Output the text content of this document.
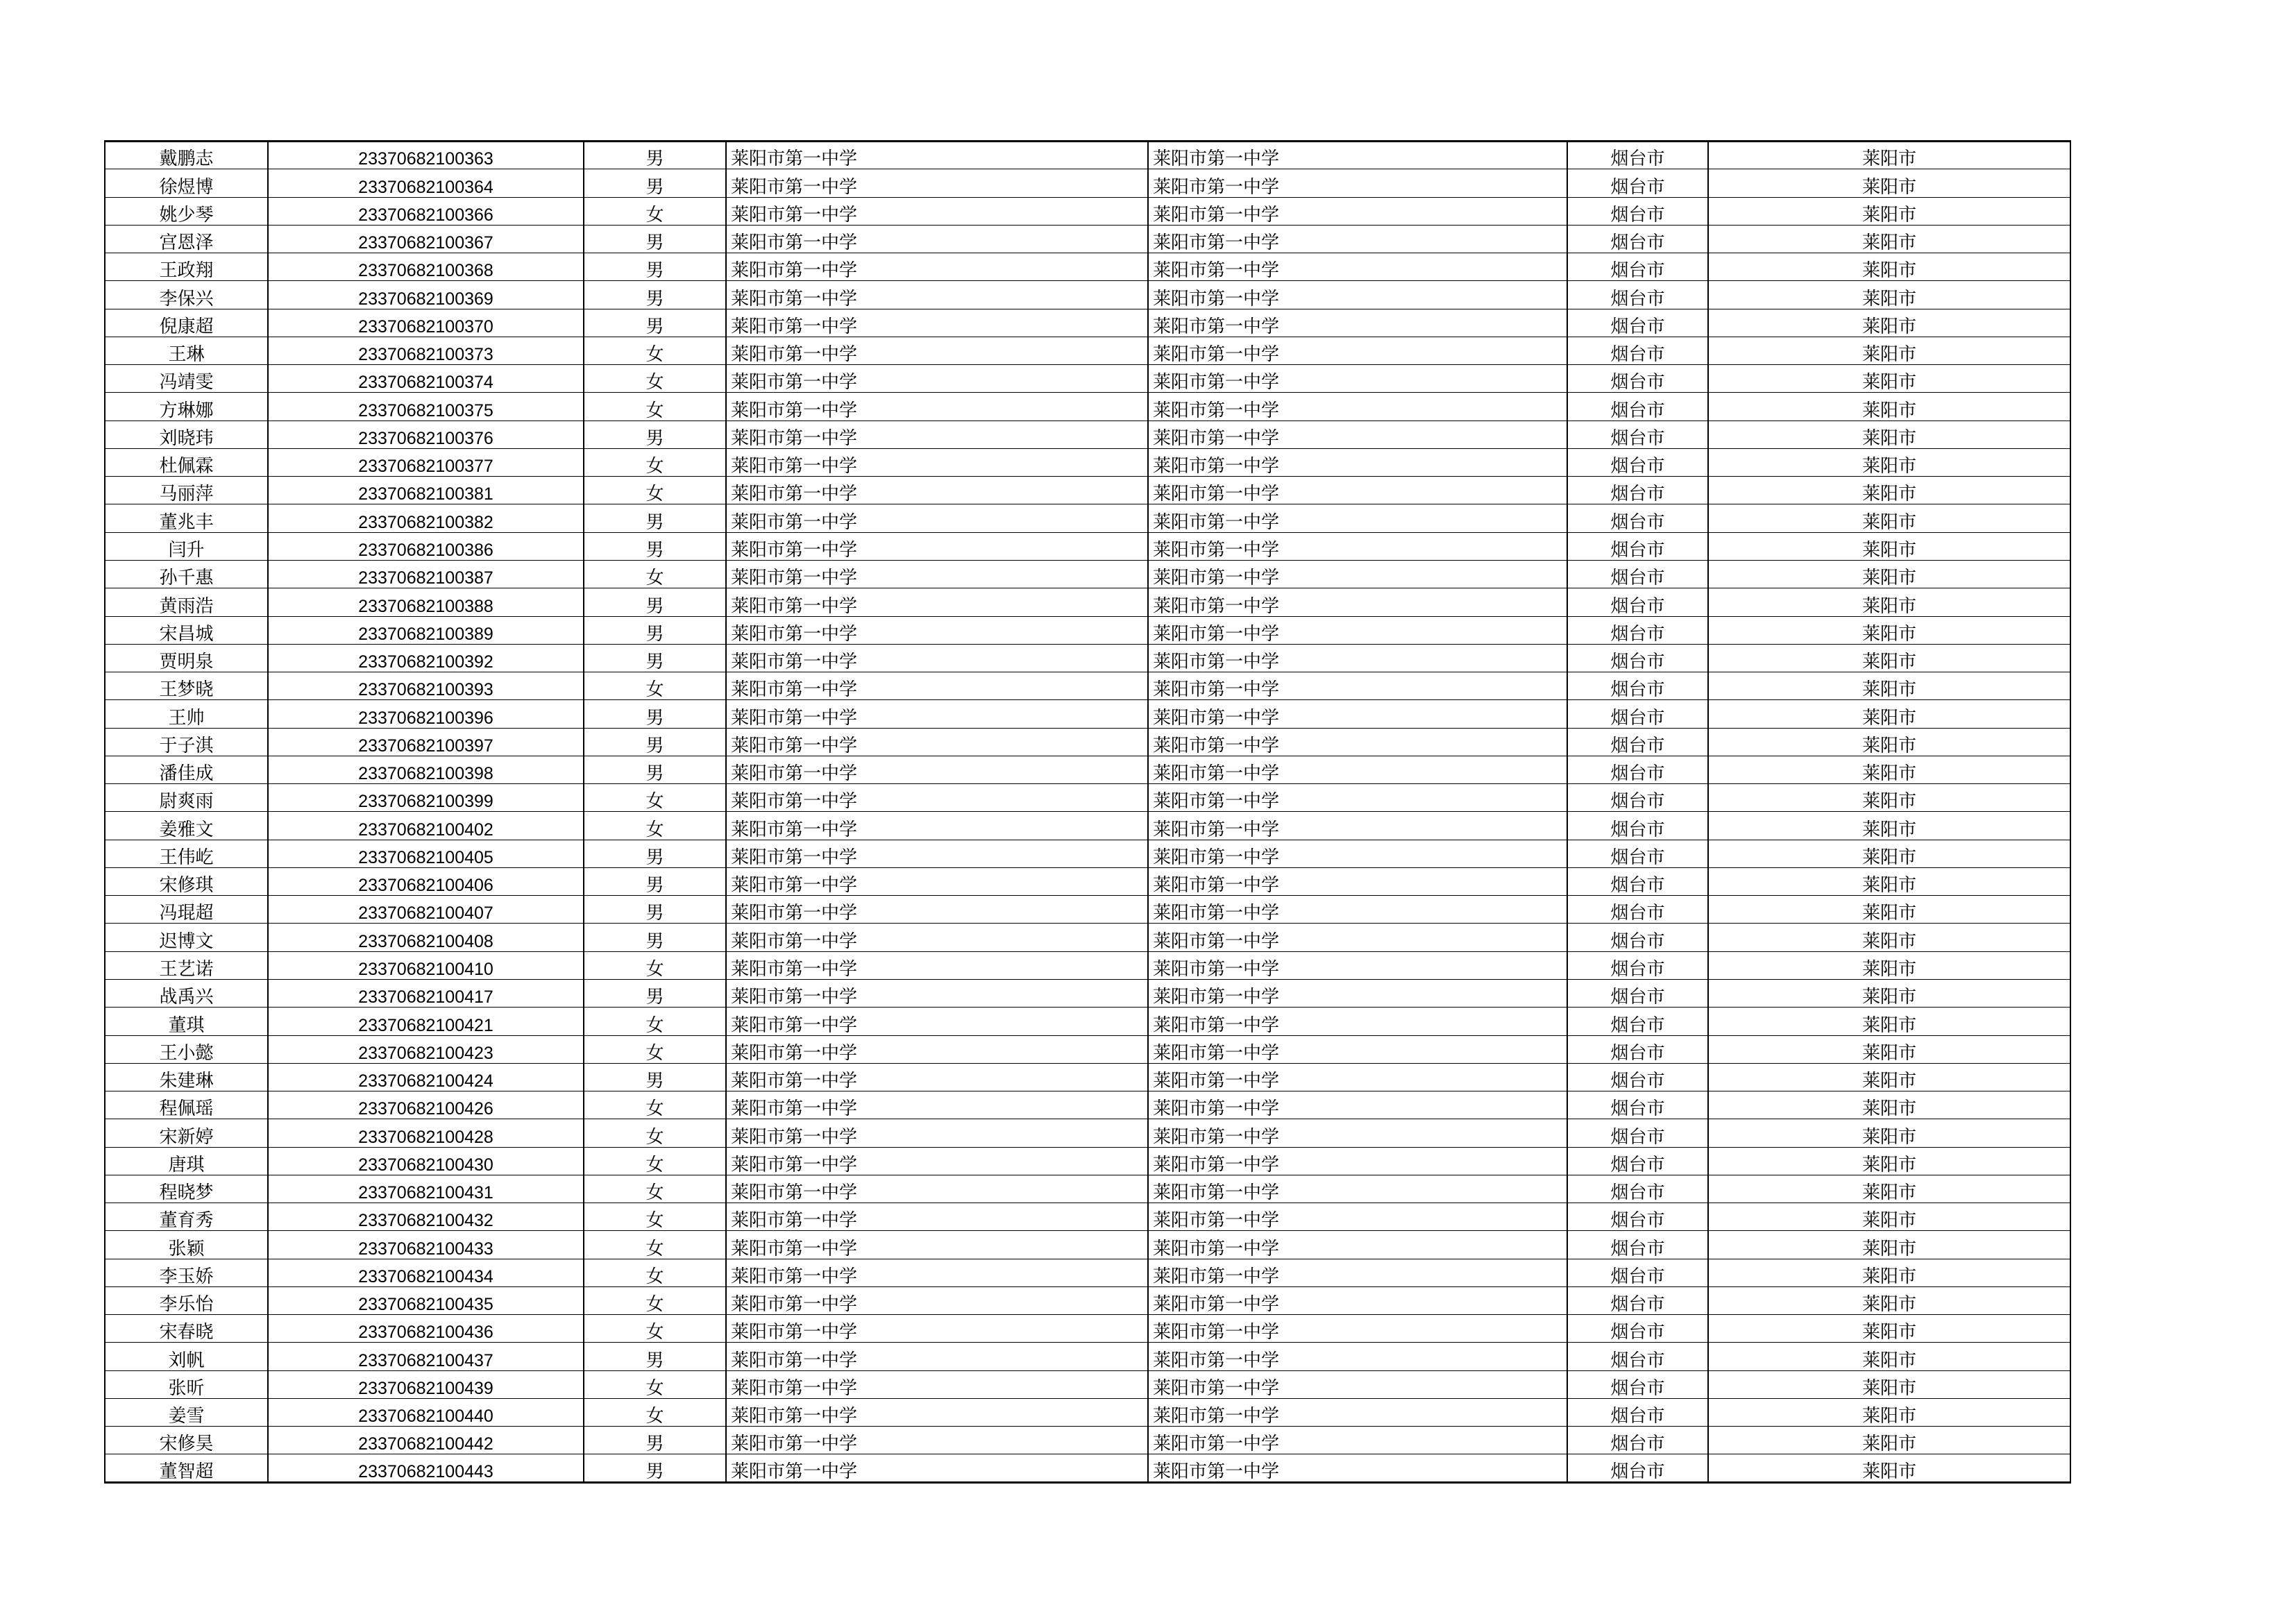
戴鹏志	23370682100363	男	莱阳市第一中学	莱阳市第一中学	烟台市	莱阳市
徐煜博	23370682100364	男	莱阳市第一中学	莱阳市第一中学	烟台市	莱阳市
姚少琴	23370682100366	女	莱阳市第一中学	莱阳市第一中学	烟台市	莱阳市
宫恩泽	23370682100367	男	莱阳市第一中学	莱阳市第一中学	烟台市	莱阳市
王政翔	23370682100368	男	莱阳市第一中学	莱阳市第一中学	烟台市	莱阳市
李保兴	23370682100369	男	莱阳市第一中学	莱阳市第一中学	烟台市	莱阳市
倪康超	23370682100370	男	莱阳市第一中学	莱阳市第一中学	烟台市	莱阳市
王琳	23370682100373	女	莱阳市第一中学	莱阳市第一中学	烟台市	莱阳市
冯靖雯	23370682100374	女	莱阳市第一中学	莱阳市第一中学	烟台市	莱阳市
方琳娜	23370682100375	女	莱阳市第一中学	莱阳市第一中学	烟台市	莱阳市
刘晓玮	23370682100376	男	莱阳市第一中学	莱阳市第一中学	烟台市	莱阳市
杜佩霖	23370682100377	女	莱阳市第一中学	莱阳市第一中学	烟台市	莱阳市
马丽萍	23370682100381	女	莱阳市第一中学	莱阳市第一中学	烟台市	莱阳市
董兆丰	23370682100382	男	莱阳市第一中学	莱阳市第一中学	烟台市	莱阳市
闫升	23370682100386	男	莱阳市第一中学	莱阳市第一中学	烟台市	莱阳市
孙千惠	23370682100387	女	莱阳市第一中学	莱阳市第一中学	烟台市	莱阳市
黄雨浩	23370682100388	男	莱阳市第一中学	莱阳市第一中学	烟台市	莱阳市
宋昌城	23370682100389	男	莱阳市第一中学	莱阳市第一中学	烟台市	莱阳市
贾明泉	23370682100392	男	莱阳市第一中学	莱阳市第一中学	烟台市	莱阳市
王梦晓	23370682100393	女	莱阳市第一中学	莱阳市第一中学	烟台市	莱阳市
王帅	23370682100396	男	莱阳市第一中学	莱阳市第一中学	烟台市	莱阳市
于子淇	23370682100397	男	莱阳市第一中学	莱阳市第一中学	烟台市	莱阳市
潘佳成	23370682100398	男	莱阳市第一中学	莱阳市第一中学	烟台市	莱阳市
尉爽雨	23370682100399	女	莱阳市第一中学	莱阳市第一中学	烟台市	莱阳市
姜雅文	23370682100402	女	莱阳市第一中学	莱阳市第一中学	烟台市	莱阳市
王伟屹	23370682100405	男	莱阳市第一中学	莱阳市第一中学	烟台市	莱阳市
宋修琪	23370682100406	男	莱阳市第一中学	莱阳市第一中学	烟台市	莱阳市
冯琨超	23370682100407	男	莱阳市第一中学	莱阳市第一中学	烟台市	莱阳市
迟博文	23370682100408	男	莱阳市第一中学	莱阳市第一中学	烟台市	莱阳市
王艺诺	23370682100410	女	莱阳市第一中学	莱阳市第一中学	烟台市	莱阳市
战禹兴	23370682100417	男	莱阳市第一中学	莱阳市第一中学	烟台市	莱阳市
董琪	23370682100421	女	莱阳市第一中学	莱阳市第一中学	烟台市	莱阳市
王小懿	23370682100423	女	莱阳市第一中学	莱阳市第一中学	烟台市	莱阳市
朱建琳	23370682100424	男	莱阳市第一中学	莱阳市第一中学	烟台市	莱阳市
程佩瑶	23370682100426	女	莱阳市第一中学	莱阳市第一中学	烟台市	莱阳市
宋新婷	23370682100428	女	莱阳市第一中学	莱阳市第一中学	烟台市	莱阳市
唐琪	23370682100430	女	莱阳市第一中学	莱阳市第一中学	烟台市	莱阳市
程晓梦	23370682100431	女	莱阳市第一中学	莱阳市第一中学	烟台市	莱阳市
董育秀	23370682100432	女	莱阳市第一中学	莱阳市第一中学	烟台市	莱阳市
张颖	23370682100433	女	莱阳市第一中学	莱阳市第一中学	烟台市	莱阳市
李玉娇	23370682100434	女	莱阳市第一中学	莱阳市第一中学	烟台市	莱阳市
李乐怡	23370682100435	女	莱阳市第一中学	莱阳市第一中学	烟台市	莱阳市
宋春晓	23370682100436	女	莱阳市第一中学	莱阳市第一中学	烟台市	莱阳市
刘帆	23370682100437	男	莱阳市第一中学	莱阳市第一中学	烟台市	莱阳市
张昕	23370682100439	女	莱阳市第一中学	莱阳市第一中学	烟台市	莱阳市
姜雪	23370682100440	女	莱阳市第一中学	莱阳市第一中学	烟台市	莱阳市
宋修昊	23370682100442	男	莱阳市第一中学	莱阳市第一中学	烟台市	莱阳市
董智超	23370682100443	男	莱阳市第一中学	莱阳市第一中学	烟台市	莱阳市
